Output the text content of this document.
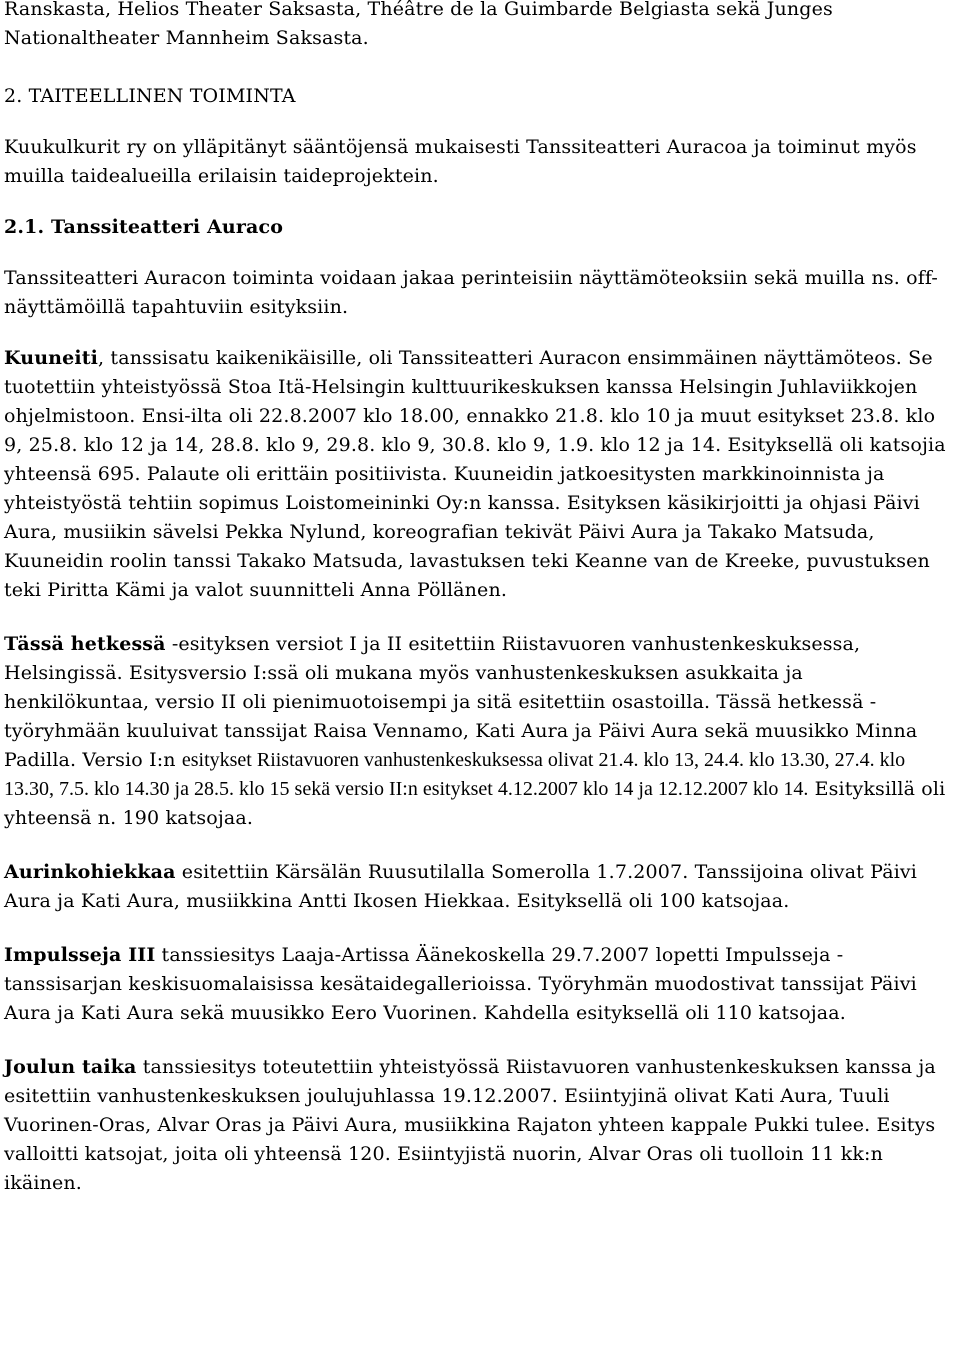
Ranskasta, Helios Theater Saksasta, Théâtre de la Guimbarde Belgiasta sekä Junges Nationaltheater Mannheim Saksasta.

2. TAITEELLINEN TOIMINTA

Kuukulkurit ry on ylläpitänyt sääntöjensä mukaisesti Tanssiteatteri Auracoa ja toiminut myös muilla taidealueilla erilaisin taideprojektein.

2.1. Tanssiteatteri Auraco

Tanssiteatteri Auracon toiminta voidaan jakaa perinteisiin näyttämöteoksiin sekä muilla ns. off-näyttämöillä tapahtuviin esityksiin.

Kuuneiti, tanssisatu kaikenikäisille, oli Tanssiteatteri Auracon ensimmäinen näyttämöteos. Se tuotettiin yhteistyössä Stoa Itä-Helsingin kulttuurikeskuksen kanssa Helsingin Juhlaviikkojen ohjelmistoon. Ensi-ilta oli 22.8.2007 klo 18.00, ennakko 21.8. klo 10 ja muut esitykset 23.8. klo 9, 25.8. klo 12 ja 14, 28.8. klo 9, 29.8. klo 9, 30.8. klo 9, 1.9. klo 12 ja 14. Esityksellä oli katsojia yhteensä 695. Palaute oli erittäin positiivista. Kuuneidin jatkoesitysten markkinoinnista ja yhteistyöstä tehtiin sopimus Loistomeininki Oy:n kanssa. Esityksen käsikirjoitti ja ohjasi Päivi Aura, musiikin sävelsi Pekka Nylund, koreografian tekivät Päivi Aura ja Takako Matsuda, Kuuneidin roolin tanssi Takako Matsuda, lavastuksen teki Keanne van de Kreeke, puvustuksen teki Piritta Kämi ja valot suunnitteli Anna Pöllänen.

Tässä hetkessä -esityksen versiot I ja II esitettiin Riistavuoren vanhustenkeskuksessa, Helsingissä. Esitysversio I:ssä oli mukana myös vanhustenkeskuksen asukkaita ja henkilökuntaa, versio II oli pienimuotoisempi ja sitä esitettiin osastoilla. Tässä hetkessä - työryhmään kuuluivat tanssijat Raisa Vennamo, Kati Aura ja Päivi Aura sekä muusikko Minna Padilla. Versio I:n esitykset Riistavuoren vanhustenkeskuksessa olivat 21.4. klo 13, 24.4. klo 13.30, 27.4. klo 13.30, 7.5. klo 14.30 ja 28.5. klo 15 sekä versio II:n esitykset 4.12.2007 klo 14 ja 12.12.2007 klo 14. Esityksillä oli yhteensä n. 190 katsojaa.

Aurinkohiekkaa esitettiin Kärsälän Ruusutilalla Somerolla 1.7.2007. Tanssijoina olivat Päivi Aura ja Kati Aura, musiikkina Antti Ikosen Hiekkaa. Esityksellä oli 100 katsojaa.

Impulsseja III tanssiesitys Laaja-Artissa Äänekoskella 29.7.2007 lopetti Impulsseja - tanssisarjan keskisuomalaisissa kesätaidegallerioissa. Työryhmän muodostivat tanssijat Päivi Aura ja Kati Aura sekä muusikko Eero Vuorinen. Kahdella esityksellä oli 110 katsojaa.

Joulun taika tanssiesitys toteutettiin yhteistyössä Riistavuoren vanhustenkeskuksen kanssa ja esitettiin vanhustenkeskuksen joulujuhlassa 19.12.2007. Esiintyjinä olivat Kati Aura, Tuuli Vuorinen-Oras, Alvar Oras ja Päivi Aura, musiikkina Rajaton yhteen kappale Pukki tulee. Esitys valloitti katsojat, joita oli yhteensä 120. Esiintyjistä nuorin, Alvar Oras oli tuolloin 11 kk:n ikäinen.
